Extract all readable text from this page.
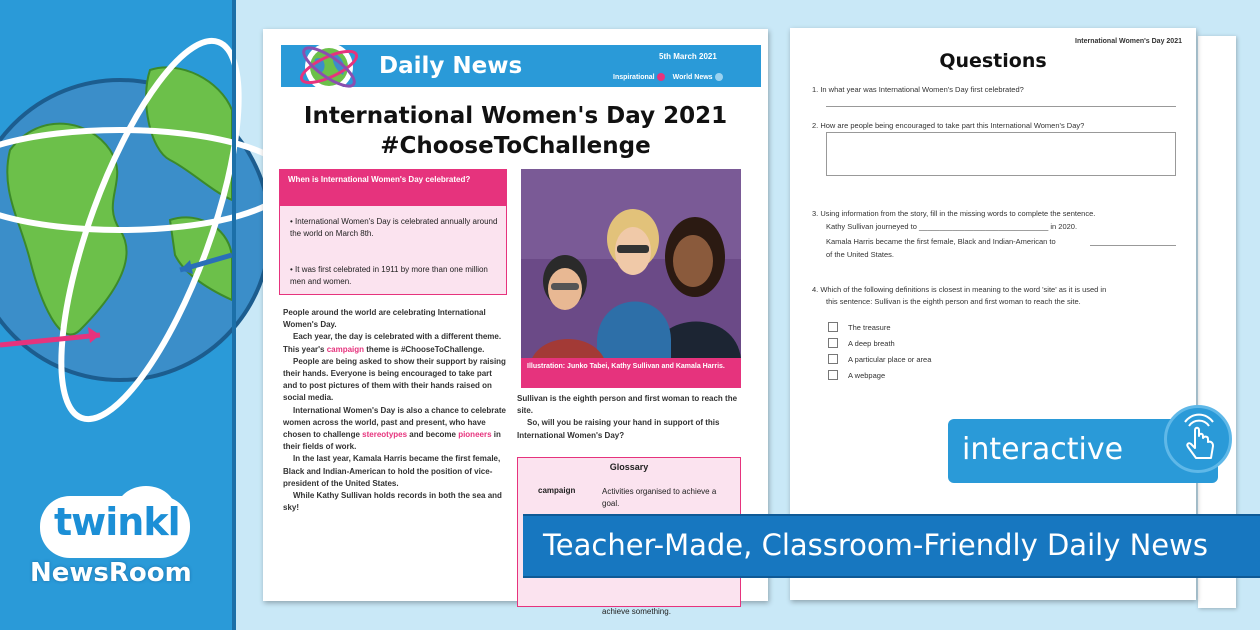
twinkl
NewsRoom
International Women's Day 2021
Questions
1. In what year was International Women's Day first celebrated?
2. How are people being encouraged to take part this International Women's Day?
3. Using information from the story, fill in the missing words to complete the sentence.
Kathy Sullivan journeyed to _______________________________ in 2020.
Kamala Harris became the first female, Black and Indian-American to
of the United States.
4. Which of the following definitions is closest in meaning to the word 'site' as it is used in
this sentence: Sullivan is the eighth person and first woman to reach the site.
The treasure
A deep breath
A particular place or area
A webpage
Daily News	5th March 2021
Inspirational	World News
International Women's Day 2021
#ChooseToChallenge
When is International Women's Day celebrated?
• International Women's Day is celebrated annually around the world on March 8th.
• It was first celebrated in 1911 by more than one million men and women.

People around the world are celebrating International Women's Day.

Each year, the day is celebrated with a different theme. This year's campaign theme is #ChooseToChallenge.

People are being asked to show their support by raising their hands. Everyone is being encouraged to take part and to post pictures of them with their hands raised on social media.

International Women's Day is also a chance to celebrate women across the world, past and present, who have chosen to challenge stereotypes and become pioneers in their fields of work.

In the last year, Kamala Harris became the first female, Black and Indian-American to hold the position of vice-president of the United States.

While Kathy Sullivan holds records in both the sea and sky!

Illustration: Junko Tabei, Kathy Sullivan and Kamala Harris.

Sullivan is the eighth person and first woman to reach the site.

So, will you be raising your hand in support of this International Women's Day?

Glossary
campaign	Activities organised to achieve a goal.
achieve something.
interactive
Teacher-Made, Classroom-Friendly Daily News
